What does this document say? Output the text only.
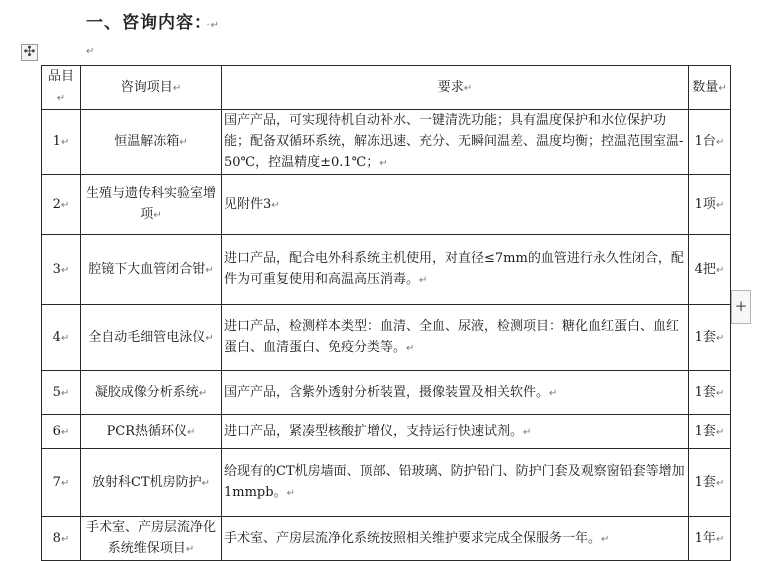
一、咨询内容： ·↵
✣	↵
品目↵	咨询项目↵	要求↵	数量↵
1↵	恒温解冻箱↵	国产产品，可实现待机自动补水、一键清洗功能；具有温度保护和水位保护功能；配备双循环系统，解冻迅速、充分、无瞬间温差、温度均衡；控温范围室温-50℃，控温精度±0.1℃；↵	1台↵
2↵	生殖与遗传科实验室增项↵	见附件3↵	1项↵
3↵	腔镜下大血管闭合钳↵	进口产品，配合电外科系统主机使用，对直径≤7mm的血管进行永久性闭合，配件为可重复使用和高温高压消毒。↵	4把↵
4↵	全自动毛细管电泳仪↵	进口产品，检测样本类型：血清、全血、尿液，检测项目：糖化血红蛋白、血红蛋白、血清蛋白、免疫分类等。↵	1套↵
5↵	凝胶成像分析系统↵	国产产品，含紫外透射分析装置，摄像装置及相关软件。↵	1套↵
6↵	PCR热循环仪↵	进口产品，紧凑型核酸扩增仪，支持运行快速试剂。↵	1套↵
7↵	放射科CT机房防护↵	给现有的CT机房墙面、顶部、铅玻璃、防护铅门、防护门套及观察窗铅套等增加1mmpb。↵	1套↵
8↵	手术室、产房层流净化系统维保项目↵	手术室、产房层流净化系统按照相关维护要求完成全保服务一年。↵	1年↵
+
